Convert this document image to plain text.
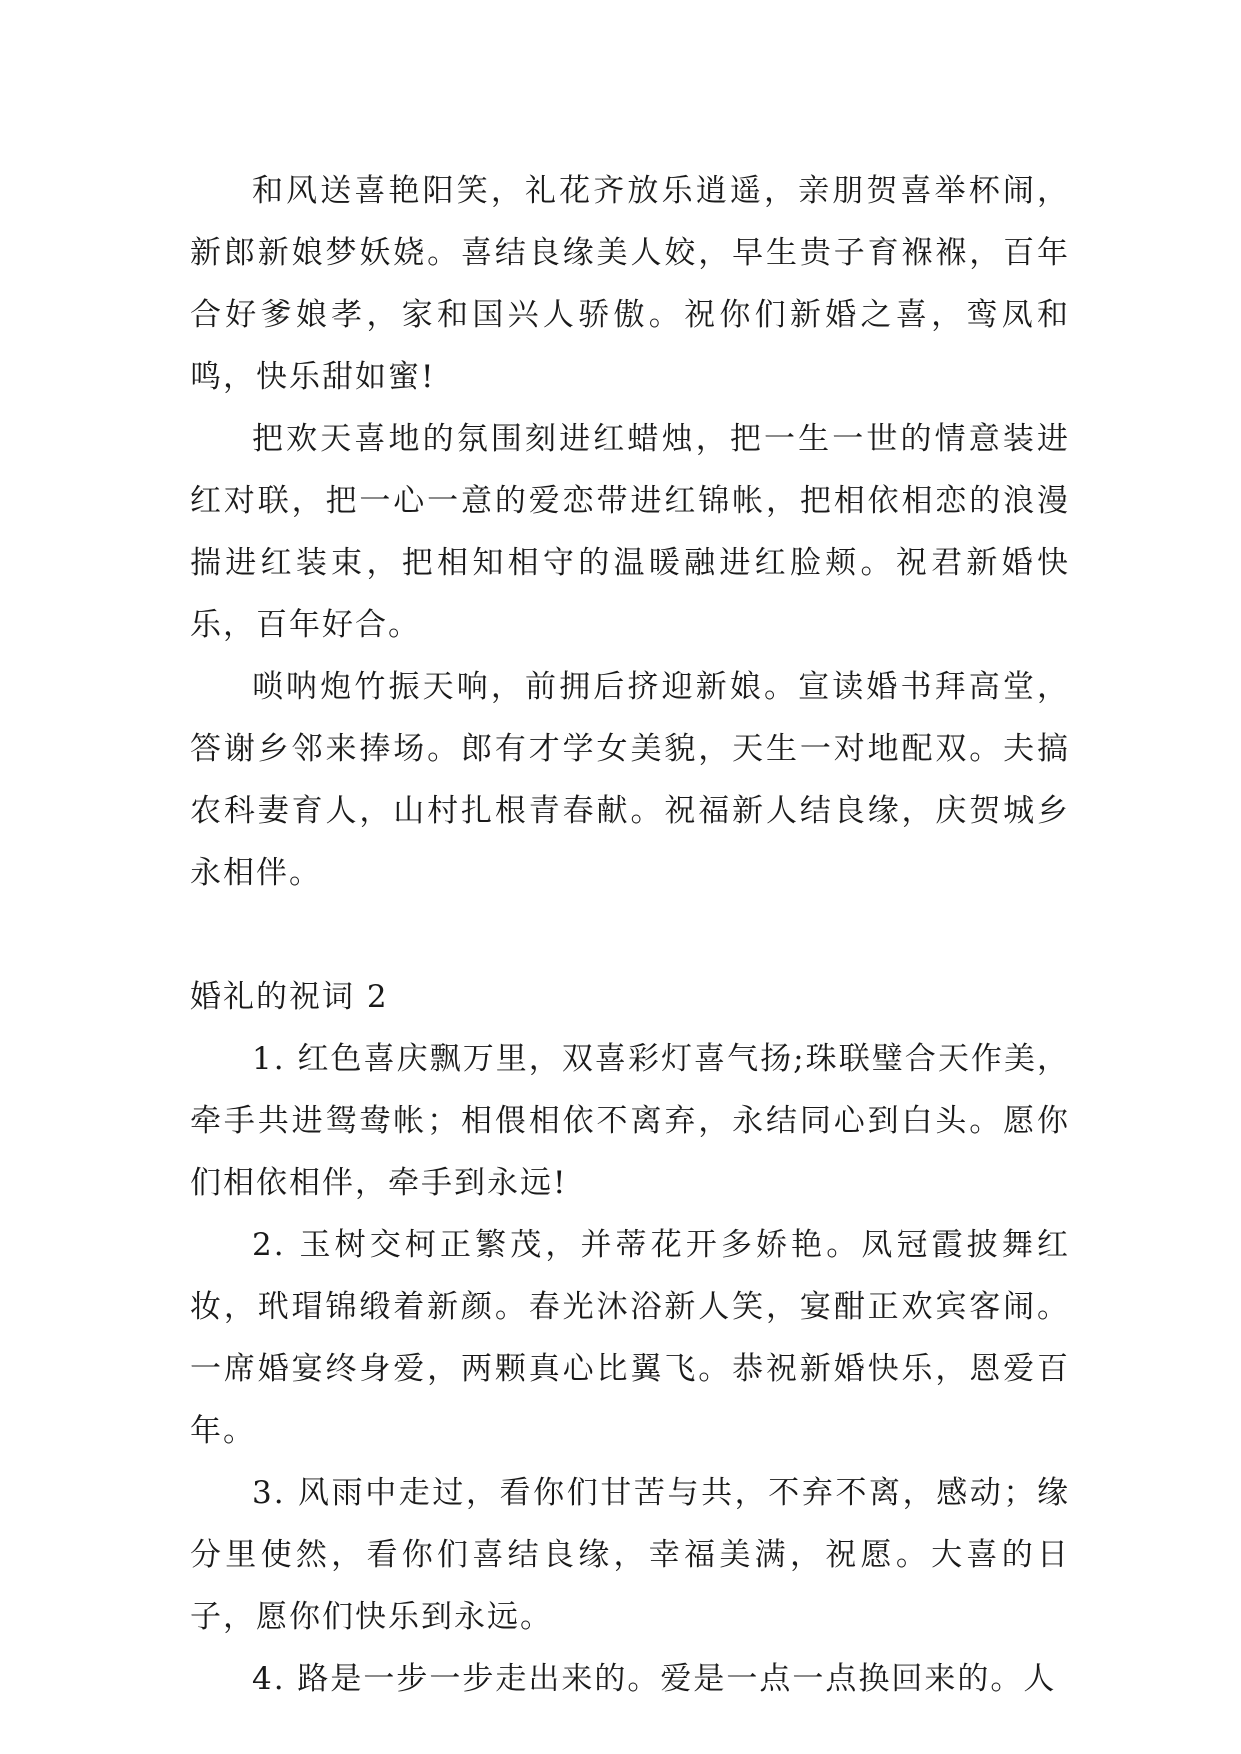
和风送喜艳阳笑，礼花齐放乐逍遥，亲朋贺喜举杯闹，新郎新娘梦妖娆。喜结良缘美人姣，早生贵子育褓褓，百年合好爹娘孝，家和国兴人骄傲。祝你们新婚之喜，鸾凤和鸣，快乐甜如蜜!

把欢天喜地的氛围刻进红蜡烛，把一生一世的情意装进红对联，把一心一意的爱恋带进红锦帐，把相依相恋的浪漫揣进红装束，把相知相守的温暖融进红脸颊。祝君新婚快乐，百年好合。

唢呐炮竹振天响，前拥后挤迎新娘。宣读婚书拜高堂，答谢乡邻来捧场。郎有才学女美貌，天生一对地配双。夫搞农科妻育人，山村扎根青春献。祝福新人结良缘，庆贺城乡永相伴。

婚礼的祝词 2

1. 红色喜庆飘万里，双喜彩灯喜气扬;珠联璧合天作美，牵手共进鸳鸯帐；相偎相依不离弃，永结同心到白头。愿你们相依相伴，牵手到永远!

2. 玉树交柯正繁茂，并蒂花开多娇艳。凤冠霞披舞红妆，玳瑁锦缎着新颜。春光沐浴新人笑，宴酣正欢宾客闹。一席婚宴终身爱，两颗真心比翼飞。恭祝新婚快乐，恩爱百年。

3. 风雨中走过，看你们甘苦与共，不弃不离，感动；缘分里使然，看你们喜结良缘，幸福美满，祝愿。大喜的日子，愿你们快乐到永远。

4. 路是一步一步走出来的。爱是一点一点换回来的。人
